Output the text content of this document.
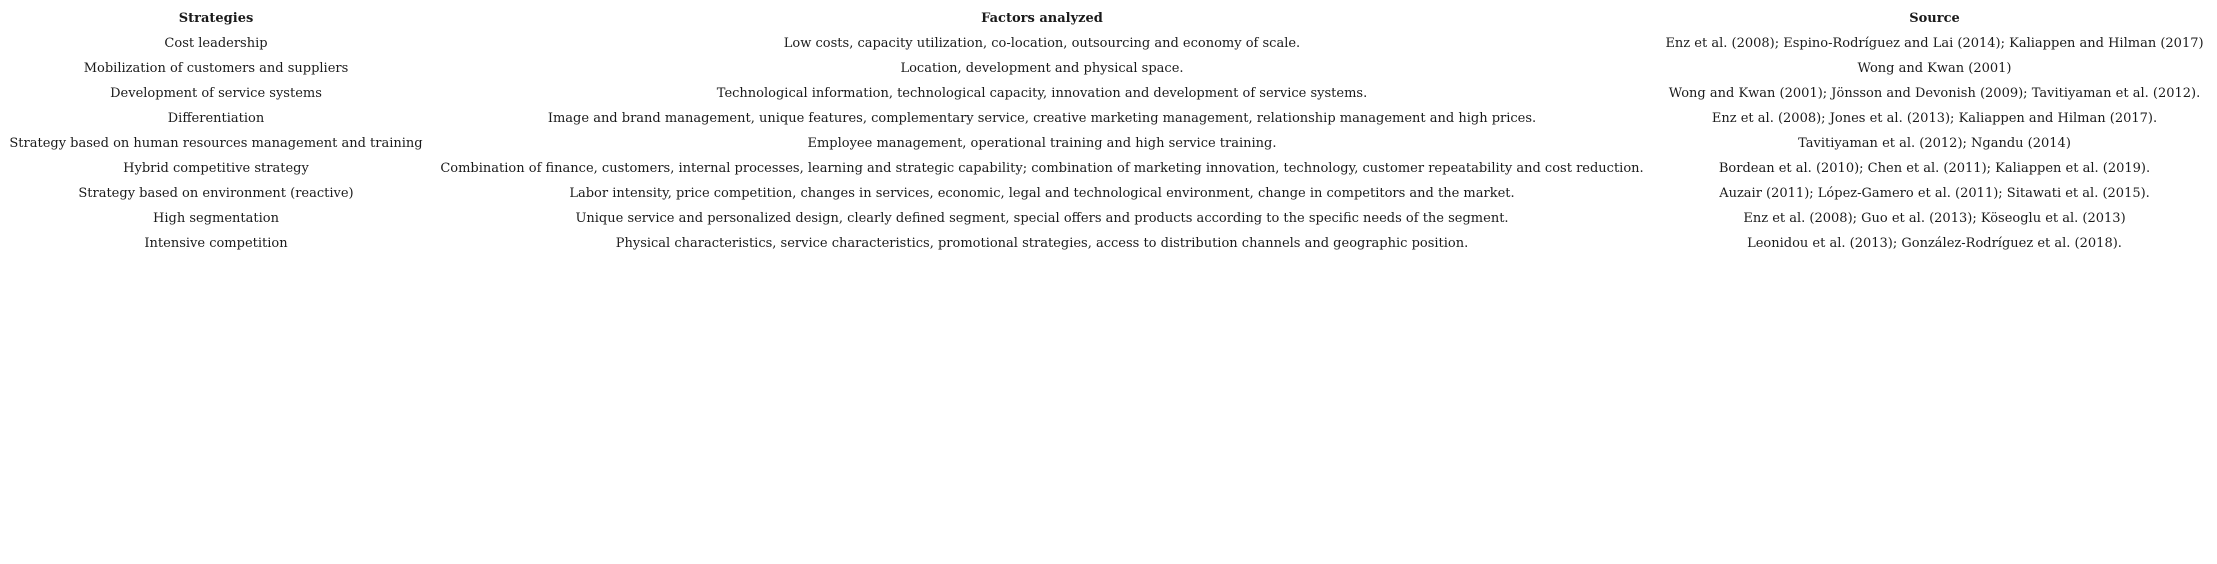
Strategies	Factors analyzed	Source
Cost leadership	Low costs, capacity utilization, co-location, outsourcing and economy of scale.	Enz et al. (2008); Espino-Rodríguez and Lai (2014); Kaliappen and Hilman (2017)
Mobilization of customers and suppliers	Location, development and physical space.	Wong and Kwan (2001)
Development of service systems	Technological information, technological capacity, innovation and development of service systems.	Wong and Kwan (2001); Jönsson and Devonish (2009); Tavitiyaman et al. (2012).
Differentiation	Image and brand management, unique features, complementary service, creative marketing management, relationship management and high prices.	Enz et al. (2008); Jones et al. (2013); Kaliappen and Hilman (2017).
Strategy based on human resources management and training	Employee management, operational training and high service training.	Tavitiyaman et al. (2012); Ngandu (2014)
Hybrid competitive strategy	Combination of finance, customers, internal processes, learning and strategic capability; combination of marketing innovation, technology, customer repeatability and cost reduction.	Bordean et al. (2010); Chen et al. (2011); Kaliappen et al. (2019).
Strategy based on environment (reactive)	Labor intensity, price competition, changes in services, economic, legal and technological environment, change in competitors and the market.	Auzair (2011); López-Gamero et al. (2011); Sitawati et al. (2015).
High segmentation	Unique service and personalized design, clearly defined segment, special offers and products according to the specific needs of the segment.	Enz et al. (2008); Guo et al. (2013); Köseoglu et al. (2013)
Intensive competition	Physical characteristics, service characteristics, promotional strategies, access to distribution channels and geographic position.	Leonidou et al. (2013); González-Rodríguez et al. (2018).
